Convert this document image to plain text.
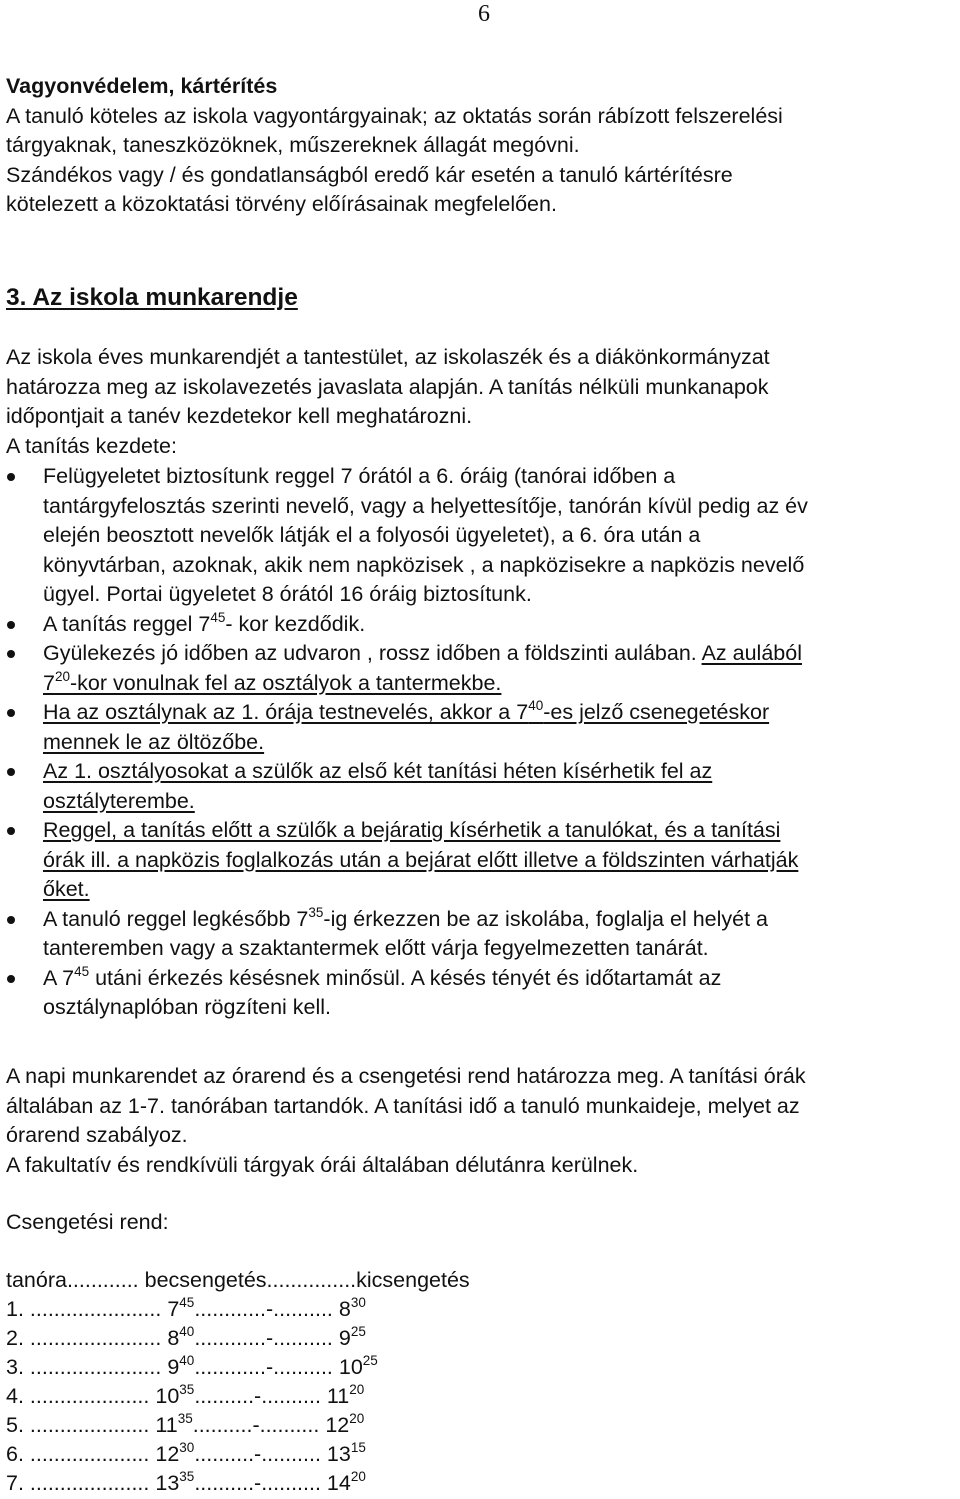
6

Vagyonvédelem, kártérítés

A tanuló köteles az iskola vagyontárgyainak; az oktatás során rábízott felszerelési

tárgyaknak, taneszközöknek, műszereknek állagát megóvni.

Szándékos vagy / és gondatlanságból eredő kár esetén a tanuló kártérítésre

kötelezett a közoktatási törvény előírásainak megfelelően.

3. Az iskola munkarendje

Az iskola éves munkarendjét a tantestület, az iskolaszék és a diákönkormányzat

határozza meg az iskolavezetés javaslata alapján. A tanítás nélküli munkanapok

időpontjait a tanév kezdetekor kell meghatározni.

A tanítás kezdete:

Felügyeletet biztosítunk reggel 7 órától a 6. óráig (tanórai időben a
tantárgyfelosztás szerinti nevelő, vagy a helyettesítője, tanórán kívül pedig az év
elején beosztott nevelők látják el a folyosói ügyeletet), a 6. óra után a
könyvtárban, azoknak, akik nem napközisek , a napközisekre a napközis nevelő
ügyel. Portai ügyeletet 8 órától 16 óráig biztosítunk.
A tanítás reggel $7^{45}-$ kor kezdődik.
Gyülekezés jó időben az udvaron , rossz időben a földszinti aulában. Az aulából
$7^{20}$-kor vonulnak fel az osztályok a tantermekbe.
Ha az osztálynak az 1. órája testnevelés, akkor a $7^{40}-es$ jelző csenegetéskor
mennek le az öltözőbe.
Az 1. osztályosokat a szülők az első két tanítási héten kísérhetik fel az
osztályterembe.
Reggel, a tanítás előtt a szülők a bejáratig kísérhetik a tanulókat, és a tanítási
órák ill. a napközis foglalkozás után a bejárat előtt illetve a földszinten várhatják
őket.
A tanuló reggel legkésőbb $7^{35}-ig$ érkezzen be az iskolába, foglalja el helyét a
tanteremben vagy a szaktantermek előtt várja fegyelmezetten tanárát.
A $7^{45}$ utáni érkezés késésnek minősül. A késés tényét és időtartamát az
osztálynaplóban rögzíteni kell.

A napi munkarendet az órarend és a csengetési rend határozza meg. A tanítási órák

általában az 1-7. tanórában tartandók. A tanítási idő a tanuló munkaideje, melyet az

órarend szabályoz.

A fakultatív és rendkívüli tárgyak órái általában délutánra kerülnek.

Csengetési rend:
tanóra............ becsengetés...............kicsengetés
1. ...................... $7^{45}............-$.......... $8^{30}$
2. ...................... $8^{40}............-$.......... $9^{25}$
3. ...................... $9^{40}............-$.......... $10^{25}$
4. .................... $10^{35}..........-$.......... $11^{20}$
5. .................... $11^{35}..........-$.......... $12^{20}$
6. .................... $12^{30}..........-$.......... $13^{15}$
7. .................... $13^{35}..........-$.......... $14^{20}$
